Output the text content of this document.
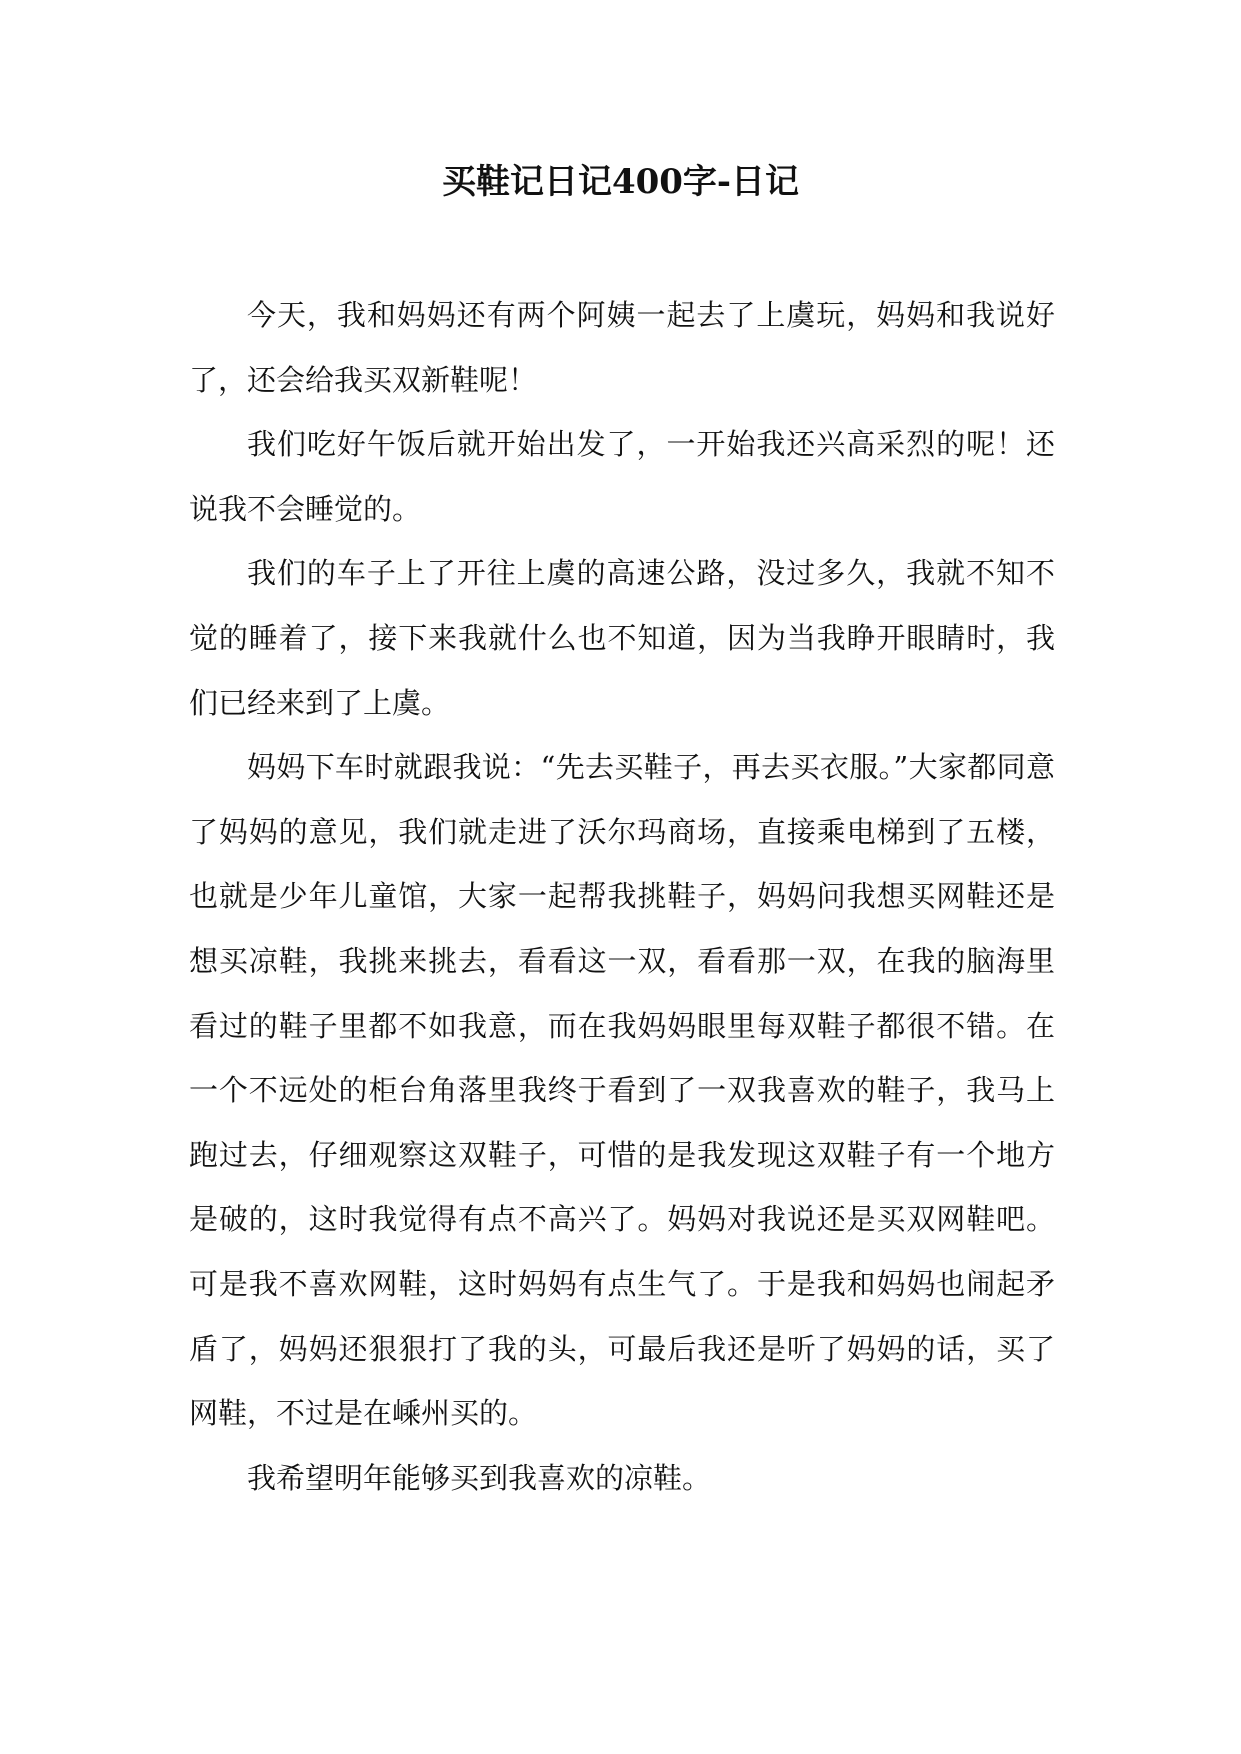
买鞋记日记400字-日记

今天，我和妈妈还有两个阿姨一起去了上虞玩，妈妈和我说好了，还会给我买双新鞋呢！

我们吃好午饭后就开始出发了，一开始我还兴高采烈的呢！还说我不会睡觉的。

我们的车子上了开往上虞的高速公路，没过多久，我就不知不觉的睡着了，接下来我就什么也不知道，因为当我睁开眼睛时，我们已经来到了上虞。

妈妈下车时就跟我说：“先去买鞋子，再去买衣服。”大家都同意了妈妈的意见，我们就走进了沃尔玛商场，直接乘电梯到了五楼，也就是少年儿童馆，大家一起帮我挑鞋子，妈妈问我想买网鞋还是想买凉鞋，我挑来挑去，看看这一双，看看那一双，在我的脑海里看过的鞋子里都不如我意，而在我妈妈眼里每双鞋子都很不错。在一个不远处的柜台角落里我终于看到了一双我喜欢的鞋子，我马上跑过去，仔细观察这双鞋子，可惜的是我发现这双鞋子有一个地方是破的，这时我觉得有点不高兴了。妈妈对我说还是买双网鞋吧。可是我不喜欢网鞋，这时妈妈有点生气了。于是我和妈妈也闹起矛盾了，妈妈还狠狠打了我的头，可最后我还是听了妈妈的话，买了网鞋，不过是在嵊州买的。

我希望明年能够买到我喜欢的凉鞋。
